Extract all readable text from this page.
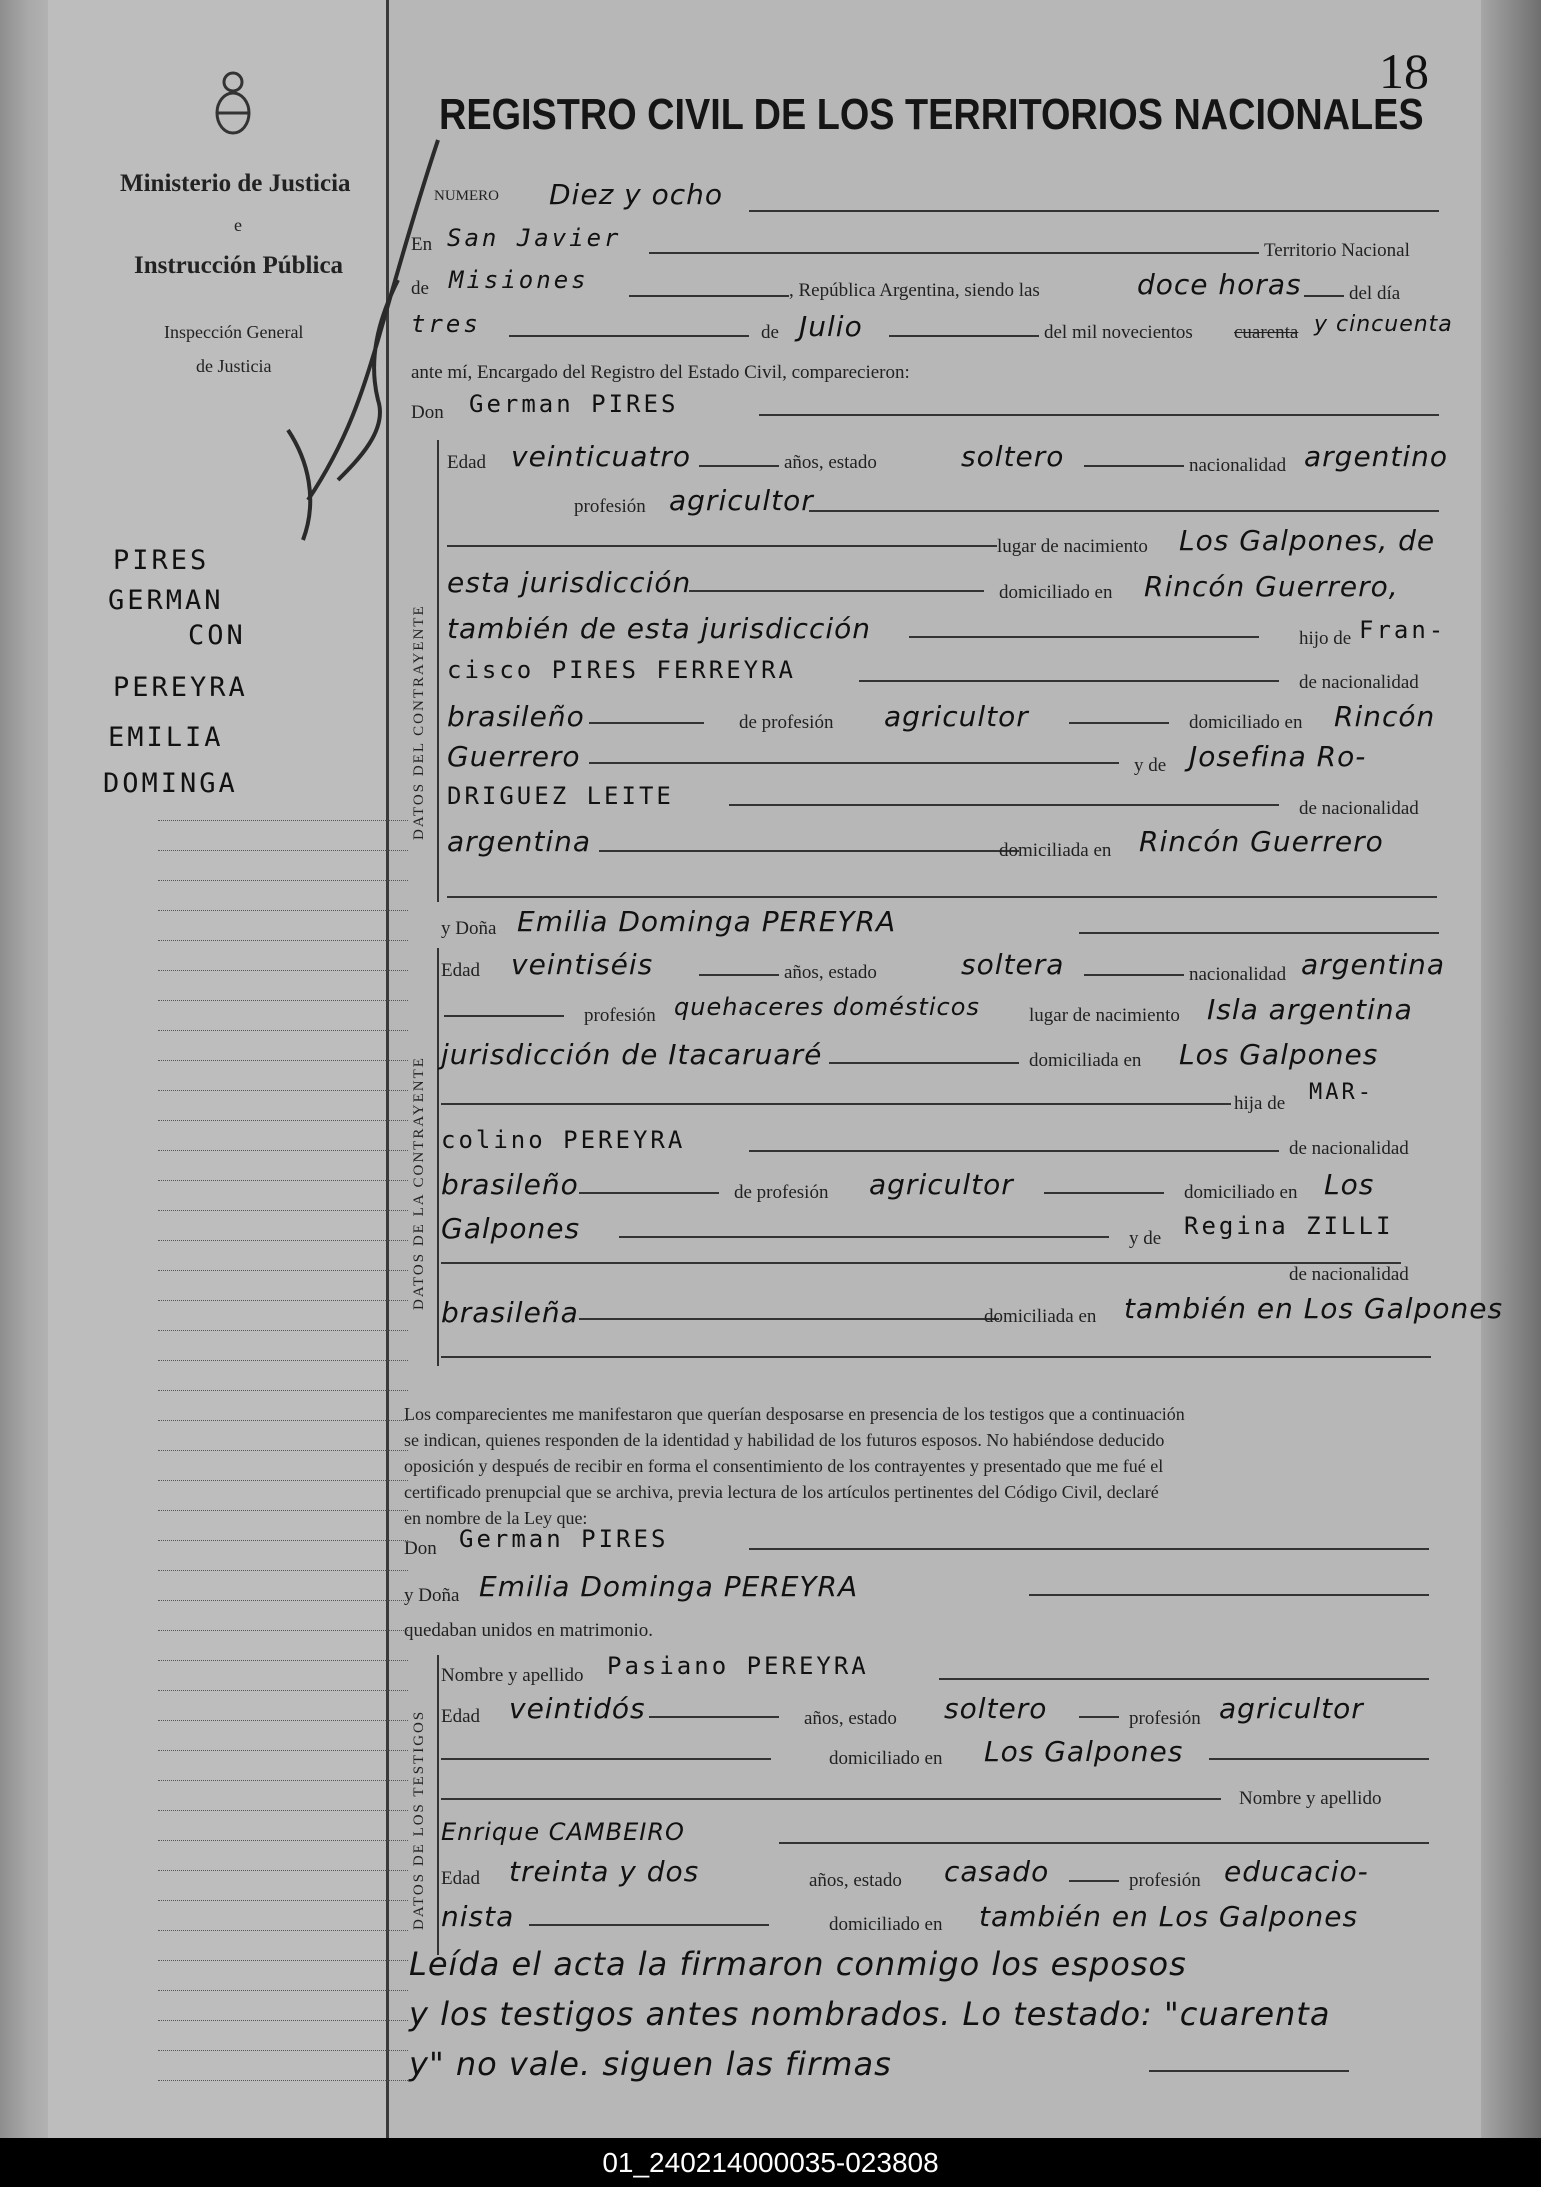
Ministerio de Justicia
e
Instrucción Pública
Inspección General
de Justicia
PIRES
GERMAN
CON
PEREYRA
EMILIA
DOMINGA
18
REGISTRO CIVIL DE LOS TERRITORIOS NACIONALES
NUMERO Diez y ocho
En San Javier	Territorio Nacional
de Misiones	, República Argentina, siendo las	doce horas del día
tres	de Julio	del mil novecientos cuarenta y cincuenta
ante mí, Encargado del Registro del Estado Civil, comparecieron:
Don German PIRES
DATOS DEL CONTRAYENTE
Edad veinticuatro	años, estado	soltero	nacionalidad argentino
profesión agricultor
lugar de nacimiento Los Galpones, de
esta jurisdicción	domiciliado en Rincón Guerrero,
también de esta jurisdicción	hijo de Fran-
cisco PIRES FERREYRA	de nacionalidad
brasileño	de profesión agricultor	domiciliado en Rincón
Guerrero	y de Josefina Ro-
DRIGUEZ LEITE	de nacionalidad
argentina	domiciliada en Rincón Guerrero
y Doña Emilia Dominga PEREYRA
DATOS DE LA CONTRAYENTE
Edad veintiséis	años, estado	soltera	nacionalidad argentina
profesión quehaceres domésticos	lugar de nacimiento Isla argentina
jurisdicción de Itacaruaré	domiciliada en Los Galpones
hija de MAR-
colino PEREYRA	de nacionalidad
brasileño	de profesión agricultor	domiciliado en Los
Galpones	y de Regina ZILLI
de nacionalidad
brasileña	domiciliada en también en Los Galpones
Los comparecientes me manifestaron que querían desposarse en presencia de los testigos que a continuación
se indican, quienes responden de la identidad y habilidad de los futuros esposos. No habiéndose deducido
oposición y después de recibir en forma el consentimiento de los contrayentes y presentado que me fué el
certificado prenupcial que se archiva, previa lectura de los artículos pertinentes del Código Civil, declaré
en nombre de la Ley que:
Don German PIRES
y Doña Emilia Dominga PEREYRA
quedaban unidos en matrimonio.
DATOS DE LOS TESTIGOS
Nombre y apellido Pasiano PEREYRA
Edad veintidós	años, estado soltero	profesión agricultor
domiciliado en Los Galpones
Nombre y apellido
Enrique CAMBEIRO
Edad treinta y dos	años, estado casado	profesión educacio-
nista	domiciliado en también en Los Galpones
Leída el acta la firmaron conmigo los esposos
y los testigos antes nombrados. Lo testado: "cuarenta
y" no vale. siguen las firmas
01_240214000035-023808
